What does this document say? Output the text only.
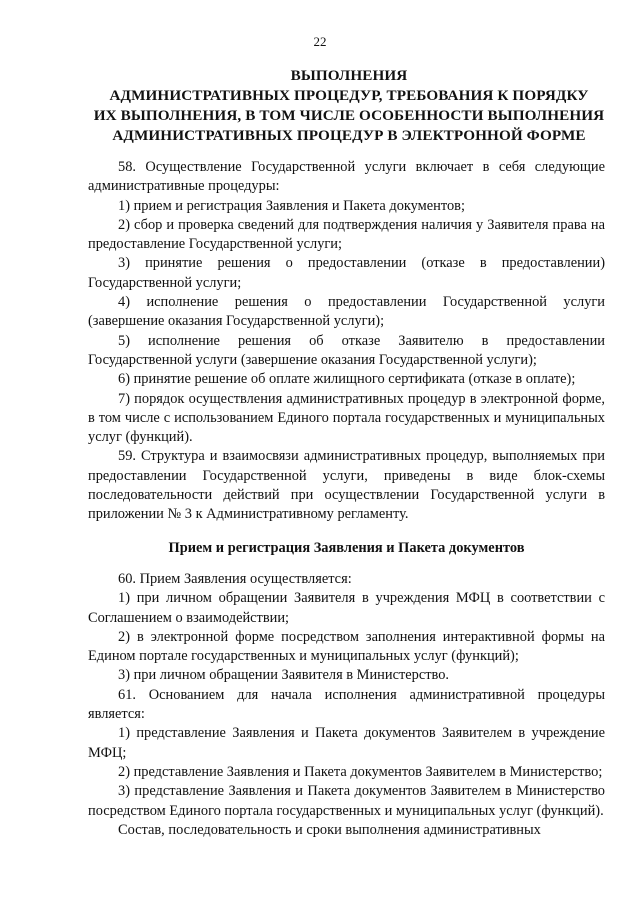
22
ВЫПОЛНЕНИЯ
АДМИНИСТРАТИВНЫХ ПРОЦЕДУР, ТРЕБОВАНИЯ К ПОРЯДКУ
ИХ ВЫПОЛНЕНИЯ, В ТОМ ЧИСЛЕ ОСОБЕННОСТИ ВЫПОЛНЕНИЯ
АДМИНИСТРАТИВНЫХ ПРОЦЕДУР В ЭЛЕКТРОННОЙ ФОРМЕ

58. Осуществление Государственной услуги включает в себя следующие административные процедуры:

1) прием и регистрация Заявления и Пакета документов;

2) сбор и проверка сведений для подтверждения наличия у Заявителя права на предоставление Государственной услуги;

3) принятие решения о предоставлении (отказе в предоставлении) Государственной услуги;

4) исполнение решения о предоставлении Государственной услуги (завершение оказания Государственной услуги);

5) исполнение решения об отказе Заявителю в предоставлении Государственной услуги (завершение оказания Государственной услуги);

6) принятие решение об оплате жилищного сертификата (отказе в оплате);

7) порядок осуществления административных процедур в электронной форме, в том числе с использованием Единого портала государственных и муниципальных услуг (функций).

59. Структура и взаимосвязи административных процедур, выполняемых при предоставлении Государственной услуги, приведены в виде блок-схемы последовательности действий при осуществлении Государственной услуги в приложении № 3 к Административному регламенту.

Прием и регистрация Заявления и Пакета документов

60. Прием Заявления осуществляется:

1) при личном обращении Заявителя в учреждения МФЦ в соответствии с Соглашением о взаимодействии;

2) в электронной форме посредством заполнения интерактивной формы на Едином портале государственных и муниципальных услуг (функций);

3) при личном обращении Заявителя в Министерство.

61. Основанием для начала исполнения административной процедуры является:

1) представление Заявления и Пакета документов Заявителем в учреждение МФЦ;

2) представление Заявления и Пакета документов Заявителем в Министерство;

3) представление Заявления и Пакета документов Заявителем в Министерство посредством Единого портала государственных и муниципальных услуг (функций).

Состав, последовательность и сроки выполнения административных
